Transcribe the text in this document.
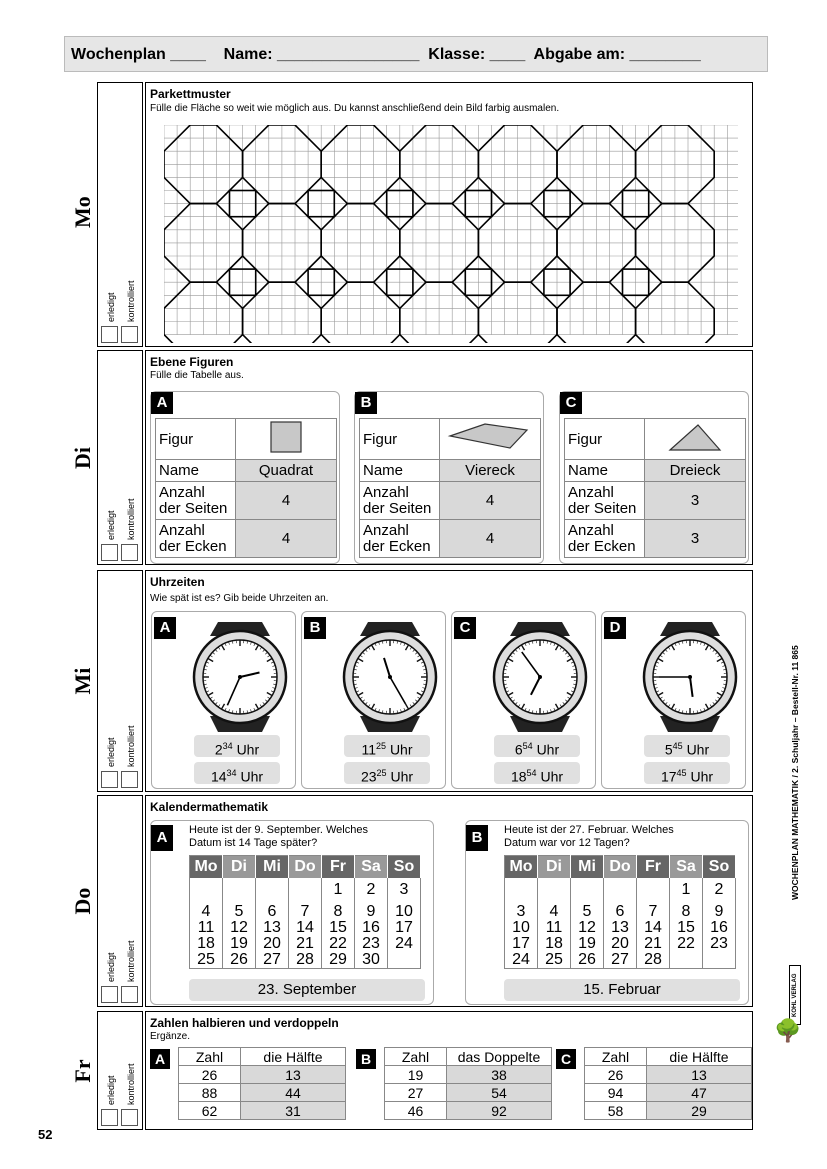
Wochenplan ____    Name: ________________  Klasse: ____  Abgabe am: ________
Mo
Di
Mi
Do
Fr
erledigt kontrolliert
erledigt kontrolliert
erledigt kontrolliert
erledigt kontrolliert
erledigt kontrolliert
Parkettmuster
Fülle die Fläche so weit wie möglich aus. Du kannst anschließend dein Bild farbig ausmalen.
Ebene Figuren
Fülle die Tabelle aus.
A
Figur	
Name	Quadrat
Anzahl
der Seiten	4
Anzahl
der Ecken	4
B
Figur	
Name	Viereck
Anzahl
der Seiten	4
Anzahl
der Ecken	4
C
Figur	
Name	Dreieck
Anzahl
der Seiten	3
Anzahl
der Ecken	3
Uhrzeiten
Wie spät ist es? Gib beide Uhrzeiten an.
A
$2^{34}$ Uhr
$14^{34}$ Uhr
B
$11^{25}$ Uhr
$23^{25}$ Uhr
C
$6^{54}$ Uhr
$18^{54}$ Uhr
D
$5^{45}$ Uhr
$17^{45}$ Uhr
Kalendermathematik
A	Heute ist der 9. September. Welches
Datum ist 14 Tage später?
Mo	Di	Mi	Do	Fr	Sa	So
				1	2	3
4	5	6	7	8	9	10
11	12	13	14	15	16	17
18	19	20	21	22	23	24
25	26	27	28	29	30	
23. September
B	Heute ist der 27. Februar. Welches
Datum war vor 12 Tagen?
Mo	Di	Mi	Do	Fr	Sa	So
					1	2
3	4	5	6	7	8	9
10	11	12	13	14	15	16
17	18	19	20	21	22	23
24	25	26	27	28		
15. Februar
Zahlen halbieren und verdoppeln
Ergänze.
A	Zahl	die Hälfte
26	13
88	44
62	31
B	Zahl	das Doppelte
19	38
27	54
46	92
C	Zahl	die Hälfte
26	13
94	47
58	29
52
WOCHENPLAN MATHEMATIK / 2. Schuljahr – Bestell-Nr. 11 865
KOHL VERLAG
🌳
